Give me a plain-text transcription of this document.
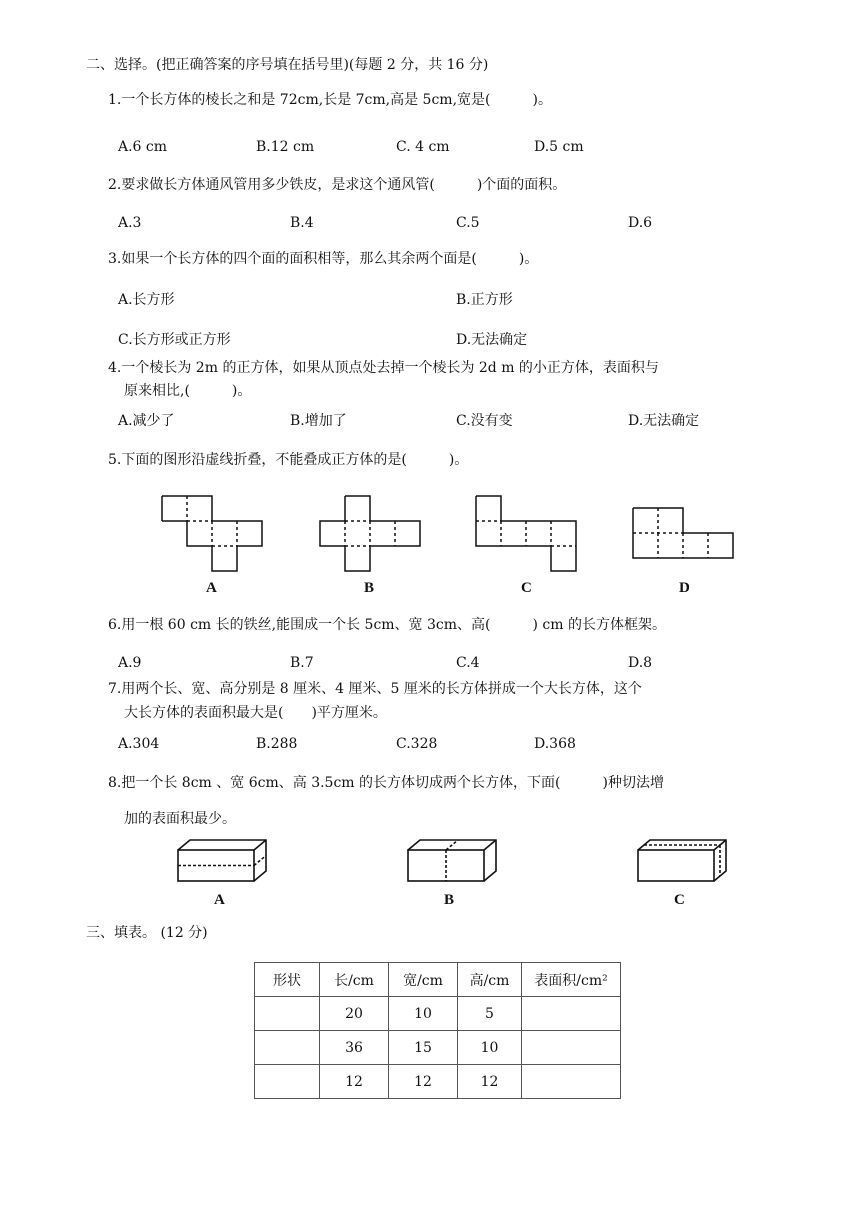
二、选择。(把正确答案的序号填在括号里)(每题 2 分，共 16 分)
1.一个长方体的棱长之和是 72cm,长是 7cm,高是 5cm,宽是(　　　)。
A.6 cm	B.12 cm	C. 4 cm	D.5 cm
2.要求做长方体通风管用多少铁皮，是求这个通风管(　　　)个面的面积。
A.3	B.4	C.5	D.6
3.如果一个长方体的四个面的面积相等，那么其余两个面是(　　　)。
A.长方形	B.正方形
C.长方形或正方形	D.无法确定
4.一个棱长为 2m 的正方体，如果从顶点处去掉一个棱长为 2d m 的小正方体，表面积与
原来相比,(　　　)。
A.减少了	B.增加了	C.没有变	D.无法确定
5.下面的图形沿虚线折叠，不能叠成正方体的是(　　　)。
A	B	C	D
6.用一根 60 cm 长的铁丝,能围成一个长 5cm、宽 3cm、高(　　　) cm 的长方体框架。
A.9	B.7	C.4	D.8
7.用两个长、宽、高分别是 8 厘米、4 厘米、5 厘米的长方体拼成一个大长方体，这个
大长方体的表面积最大是(　　)平方厘米。
A.304	B.288	C.328	D.368
8.把一个长 8cm 、宽 6cm、高 3.5cm 的长方体切成两个长方体，下面(　　　)种切法增
加的表面积最少。
A	B	C
三、填表。 (12 分)
形状	长/cm	宽/cm	高/cm	表面积/cm²
	20	10	5	
	36	15	10	
	12	12	12	
